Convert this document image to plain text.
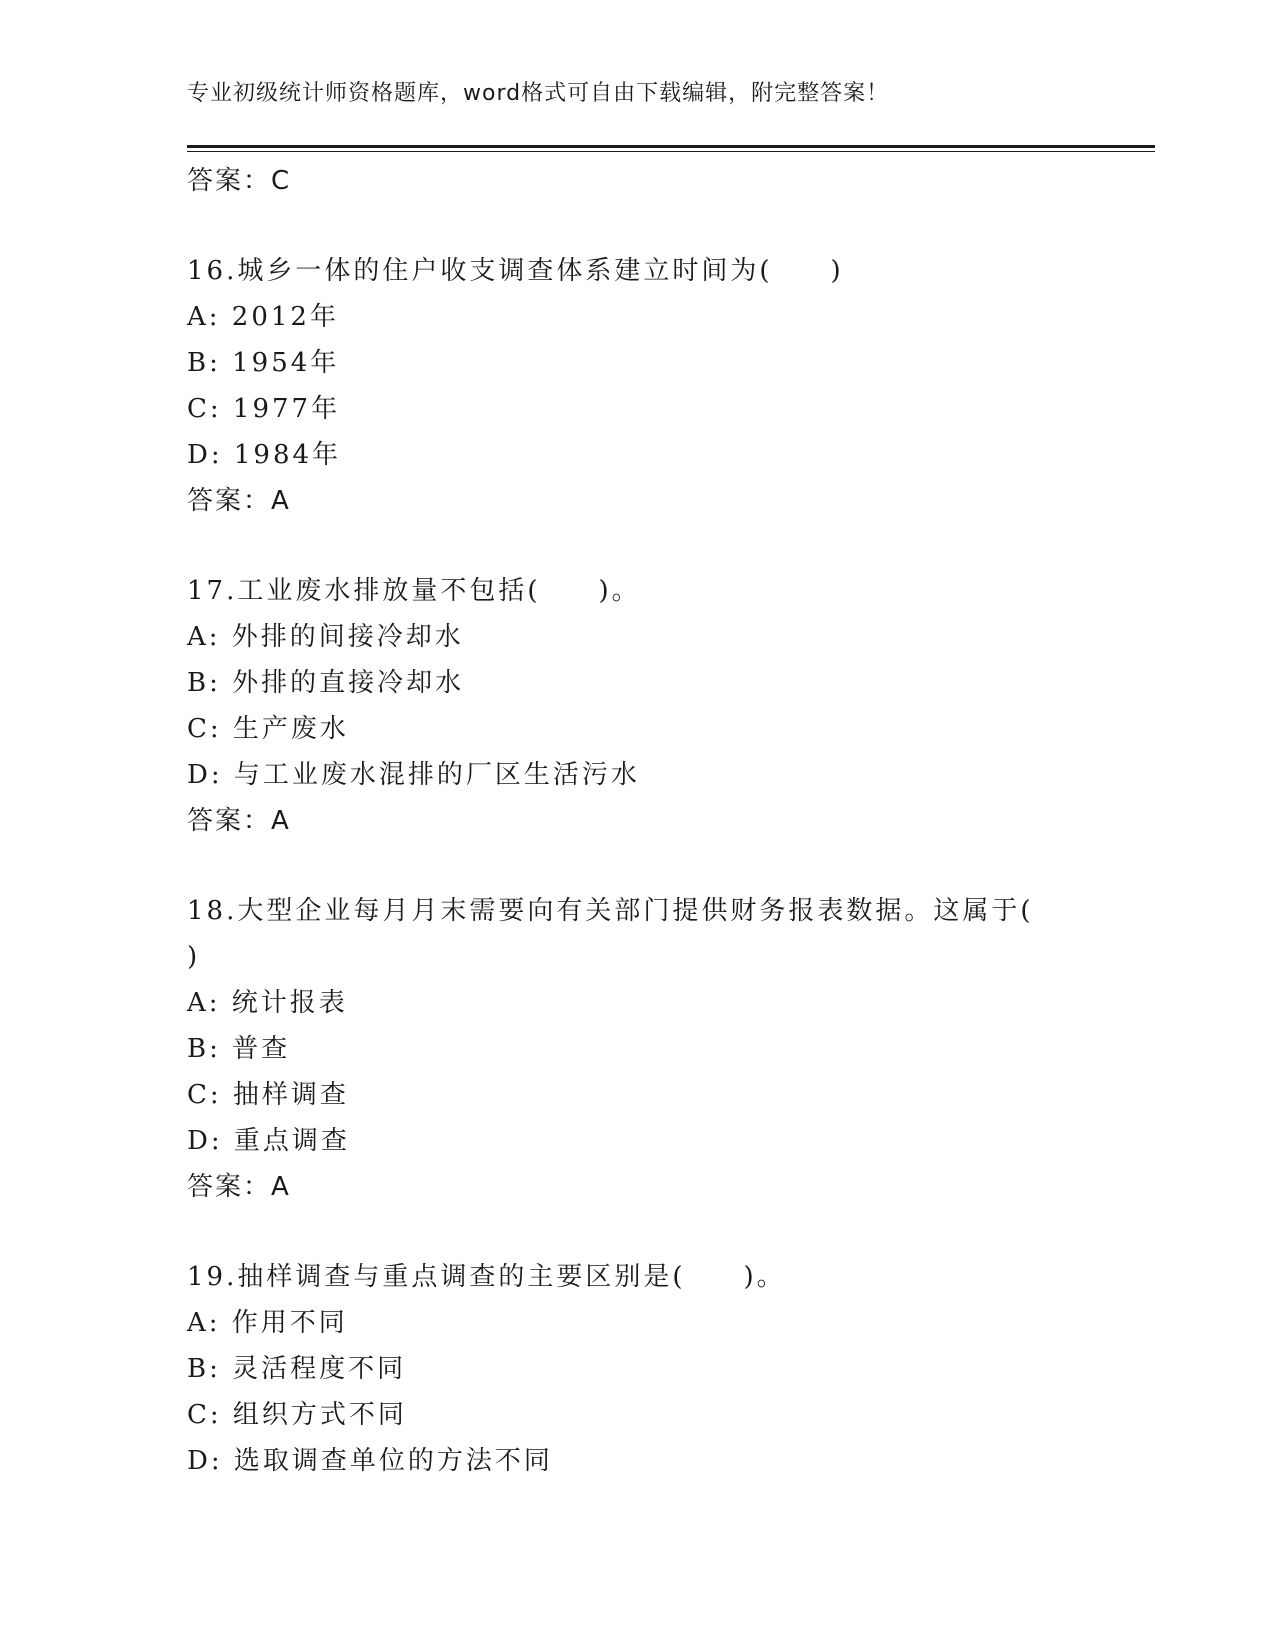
专业初级统计师资格题库，word格式可自由下载编辑，附完整答案！
答案：C
16.城乡一体的住户收支调查体系建立时间为(　　)
A: 2012年
B: 1954年
C: 1977年
D: 1984年
答案：A
17.工业废水排放量不包括(　　)。
A: 外排的间接冷却水
B: 外排的直接冷却水
C: 生产废水
D: 与工业废水混排的厂区生活污水
答案：A
18.大型企业每月月末需要向有关部门提供财务报表数据。这属于(
)
A: 统计报表
B: 普查
C: 抽样调查
D: 重点调查
答案：A
19.抽样调查与重点调查的主要区别是(　　)。
A: 作用不同
B: 灵活程度不同
C: 组织方式不同
D: 选取调查单位的方法不同
